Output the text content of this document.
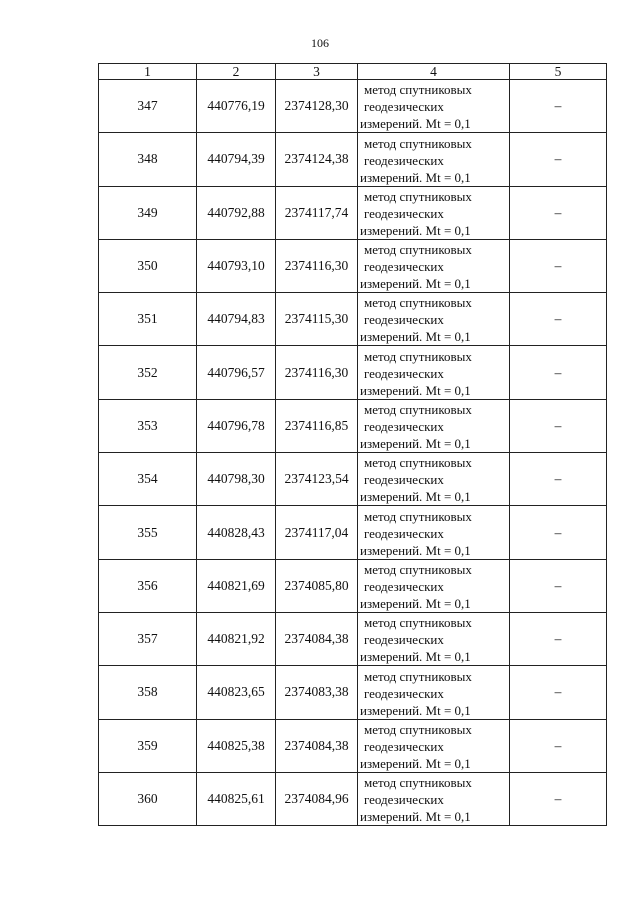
106
1	2	3	4	5
347	440776,19	2374128,30	метод спутниковых
геодезических
измерений. Mt = 0,1	–
348	440794,39	2374124,38	метод спутниковых
геодезических
измерений. Mt = 0,1	–
349	440792,88	2374117,74	метод спутниковых
геодезических
измерений. Mt = 0,1	–
350	440793,10	2374116,30	метод спутниковых
геодезических
измерений. Mt = 0,1	–
351	440794,83	2374115,30	метод спутниковых
геодезических
измерений. Mt = 0,1	–
352	440796,57	2374116,30	метод спутниковых
геодезических
измерений. Mt = 0,1	–
353	440796,78	2374116,85	метод спутниковых
геодезических
измерений. Mt = 0,1	–
354	440798,30	2374123,54	метод спутниковых
геодезических
измерений. Mt = 0,1	–
355	440828,43	2374117,04	метод спутниковых
геодезических
измерений. Mt = 0,1	–
356	440821,69	2374085,80	метод спутниковых
геодезических
измерений. Mt = 0,1	–
357	440821,92	2374084,38	метод спутниковых
геодезических
измерений. Mt = 0,1	–
358	440823,65	2374083,38	метод спутниковых
геодезических
измерений. Mt = 0,1	–
359	440825,38	2374084,38	метод спутниковых
геодезических
измерений. Mt = 0,1	–
360	440825,61	2374084,96	метод спутниковых
геодезических
измерений. Mt = 0,1	–
